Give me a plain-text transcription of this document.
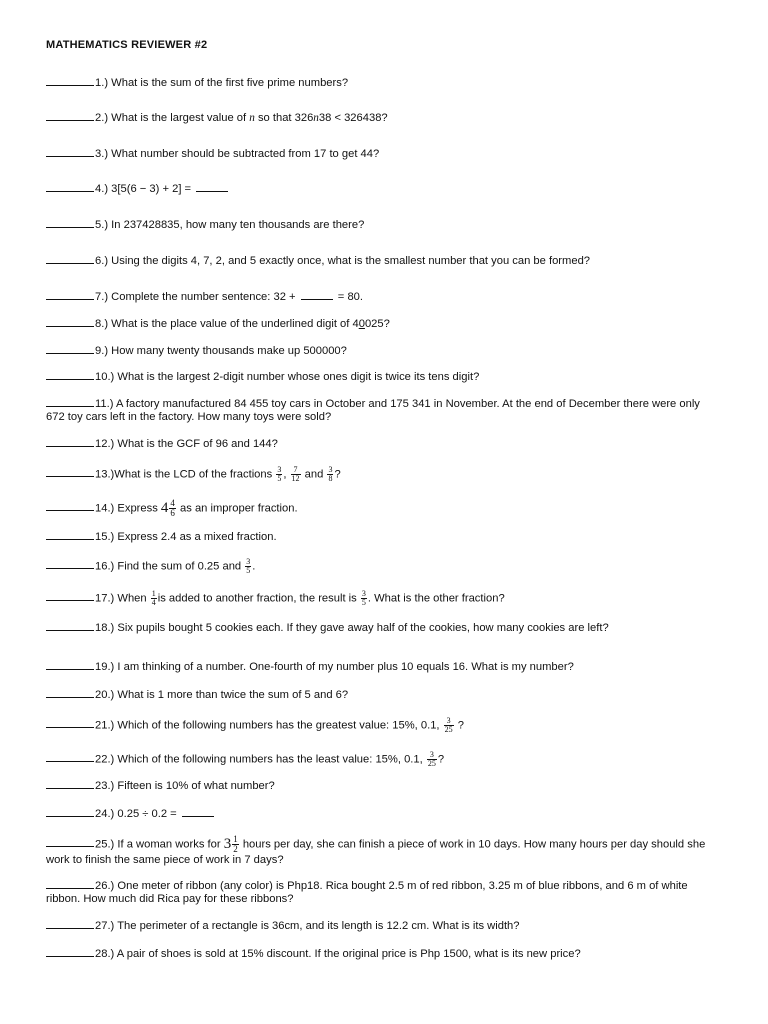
MATHEMATICS REVIEWER #2
1.) What is the sum of the first five prime numbers?
2.) What is the largest value of n so that 326n38 < 326438?
3.) What number should be subtracted from 17 to get 44?
4.) 3[5(6 − 3) + 2] =
5.) In 237428835, how many ten thousands are there?
6.) Using the digits 4, 7, 2, and 5 exactly once, what is the smallest number that you can be formed?
7.) Complete the number sentence: 32 +	= 80.
8.) What is the place value of the underlined digit of 40025?
9.) How many twenty thousands make up 500000?
10.) What is the largest 2-digit number whose ones digit is twice its tens digit?
11.) A factory manufactured 84 455 toy cars in October and 175 341 in November. At the end of December there were only 672 toy cars left in the factory. How many toys were sold?
12.) What is the GCF of 96 and 144?
13.)What is the LCD of the fractions $\frac{3}{5}$ , $\frac{7}{12}$ and $\frac{3}{8}$ ?
14.) Express $4 \frac{4}{6}$ as an improper fraction.
15.) Express 2.4 as a mixed fraction.
16.) Find the sum of 0.25 and $\frac{3}{5}$ .
17.) When $\frac{1}{4}$ is added to another fraction, the result is $\frac{3}{5}$ . What is the other fraction?
18.) Six pupils bought 5 cookies each. If they gave away half of the cookies, how many cookies are left?
19.) I am thinking of a number. One-fourth of my number plus 10 equals 16. What is my number?
20.) What is 1 more than twice the sum of 5 and 6?
21.) Which of the following numbers has the greatest value: 15%, 0.1, $\frac{3}{25}$ ?
22.) Which of the following numbers has the least value: 15%, 0.1, $\frac{3}{25}$ ?
23.) Fifteen is 10% of what number?
24.) 0.25 ÷ 0.2 =
25.) If a woman works for $3 \frac{1}{2}$ hours per day, she can finish a piece of work in 10 days. How many hours per day should she work to finish the same piece of work in 7 days?
26.) One meter of ribbon (any color) is Php18. Rica bought 2.5 m of red ribbon, 3.25 m of blue ribbons, and 6 m of white ribbon. How much did Rica pay for these ribbons?
27.) The perimeter of a rectangle is 36cm, and its length is 12.2 cm. What is its width?
28.) A pair of shoes is sold at 15% discount. If the original price is Php 1500, what is its new price?
